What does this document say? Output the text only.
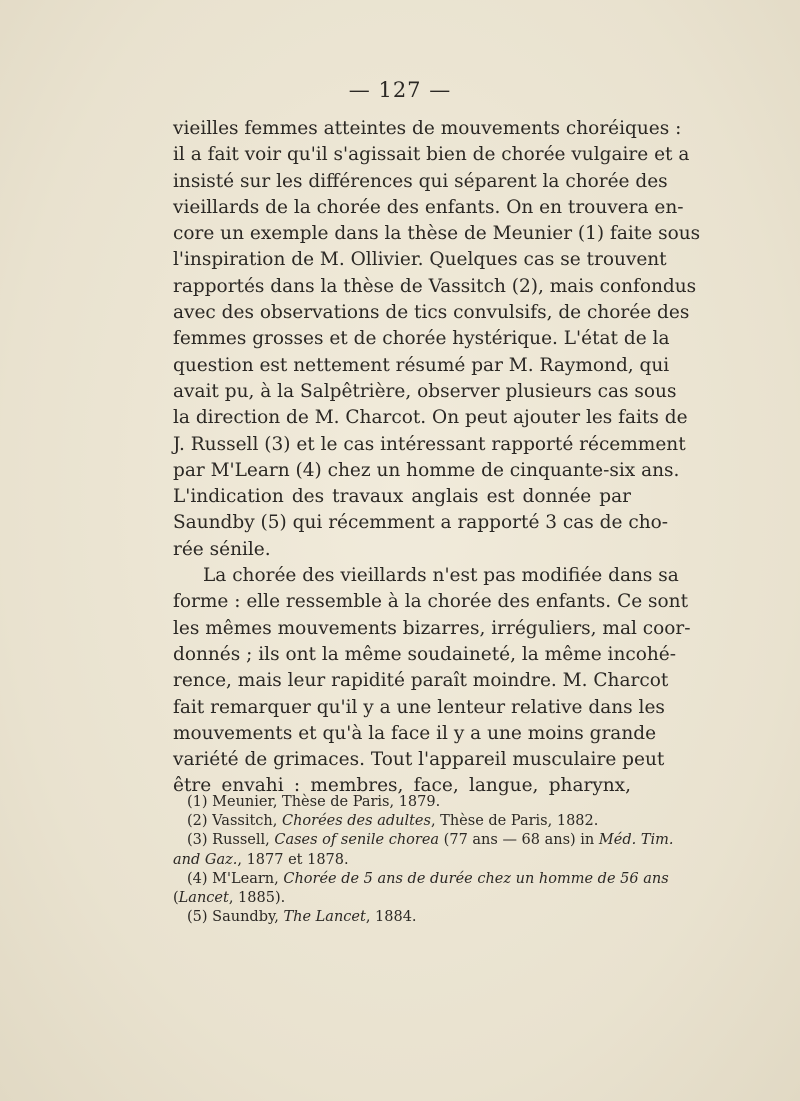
— 127 —
vieilles femmes atteintes de mouvements choréiques :
il a fait voir qu'il s'agissait bien de chorée vulgaire et a
insisté sur les différences qui séparent la chorée des
vieillards de la chorée des enfants. On en trouvera en-
core un exemple dans la thèse de Meunier (1) faite sous
l'inspiration de M. Ollivier. Quelques cas se trouvent
rapportés dans la thèse de Vassitch (2), mais confondus
avec des observations de tics convulsifs, de chorée des
femmes grosses et de chorée hystérique. L'état de la
question est nettement résumé par M. Raymond, qui
avait pu, à la Salpêtrière, observer plusieurs cas sous
la direction de M. Charcot. On peut ajouter les faits de
J. Russell (3) et le cas intéressant rapporté récemment
par M'Learn (4) chez un homme de cinquante-six ans.
L'indication des travaux anglais est donnée par
Saundby (5) qui récemment a rapporté 3 cas de cho-
rée sénile.
La chorée des vieillards n'est pas modifiée dans sa
forme : elle ressemble à la chorée des enfants. Ce sont
les mêmes mouvements bizarres, irréguliers, mal coor-
donnés ; ils ont la même soudaineté, la même incohé-
rence, mais leur rapidité paraît moindre. M. Charcot
fait remarquer qu'il y a une lenteur relative dans les
mouvements et qu'à la face il y a une moins grande
variété de grimaces. Tout l'appareil musculaire peut
être envahi : membres, face, langue, pharynx,
(1) Meunier, Thèse de Paris, 1879.
(2) Vassitch, Chorées des adultes, Thèse de Paris, 1882.
(3) Russell, Cases of senile chorea (77 ans — 68 ans) in Méd. Tim.
and Gaz., 1877 et 1878.
(4) M'Learn, Chorée de 5 ans de durée chez un homme de 56 ans
(Lancet, 1885).
(5) Saundby, The Lancet, 1884.
